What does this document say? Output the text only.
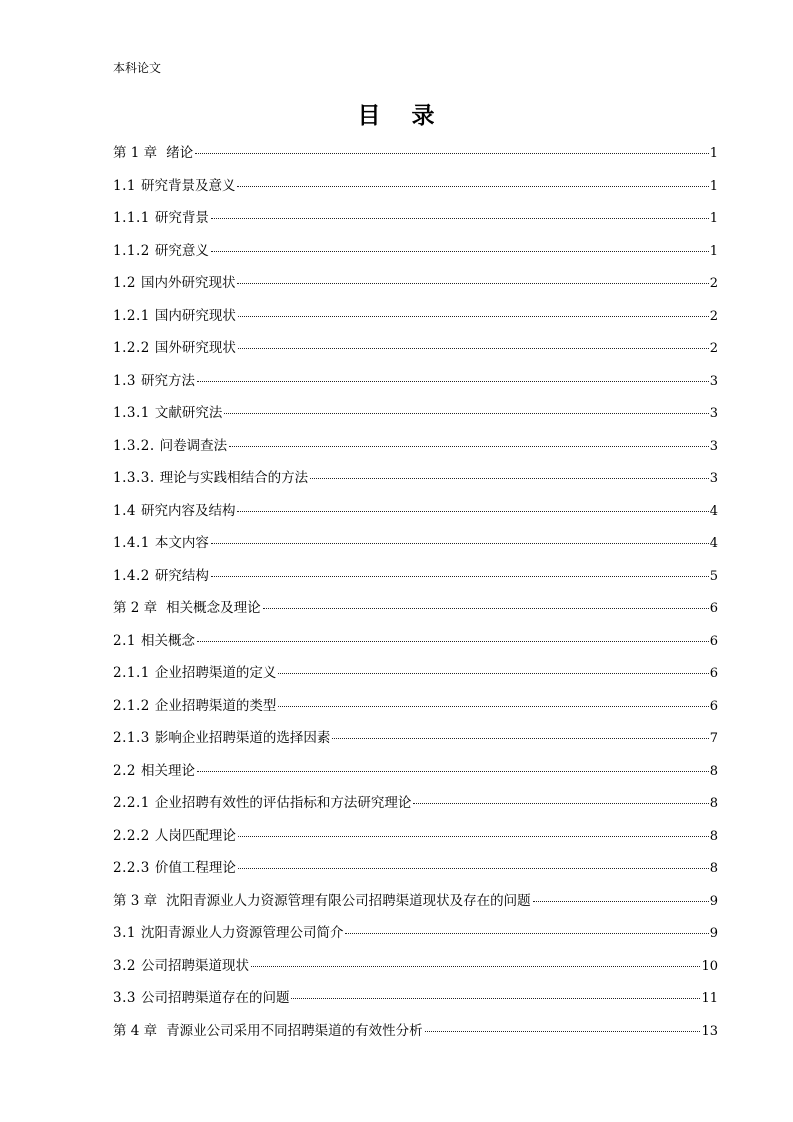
本科论文
目 录
第 1 章 绪论	1
1.1 研究背景及意义	1
1.1.1 研究背景	1
1.1.2 研究意义	1
1.2 国内外研究现状	2
1.2.1 国内研究现状	2
1.2.2 国外研究现状	2
1.3 研究方法	3
1.3.1 文献研究法	3
1.3.2. 问卷调查法	3
1.3.3. 理论与实践相结合的方法	3
1.4 研究内容及结构	4
1.4.1 本文内容	4
1.4.2 研究结构	5
第 2 章 相关概念及理论	6
2.1 相关概念	6
2.1.1 企业招聘渠道的定义	6
2.1.2 企业招聘渠道的类型	6
2.1.3 影响企业招聘渠道的选择因素	7
2.2 相关理论	8
2.2.1 企业招聘有效性的评估指标和方法研究理论	8
2.2.2 人岗匹配理论	8
2.2.3 价值工程理论	8
第 3 章 沈阳青源业人力资源管理有限公司招聘渠道现状及存在的问题	9
3.1 沈阳青源业人力资源管理公司简介	9
3.2 公司招聘渠道现状	10
3.3 公司招聘渠道存在的问题	11
第 4 章 青源业公司采用不同招聘渠道的有效性分析	13
